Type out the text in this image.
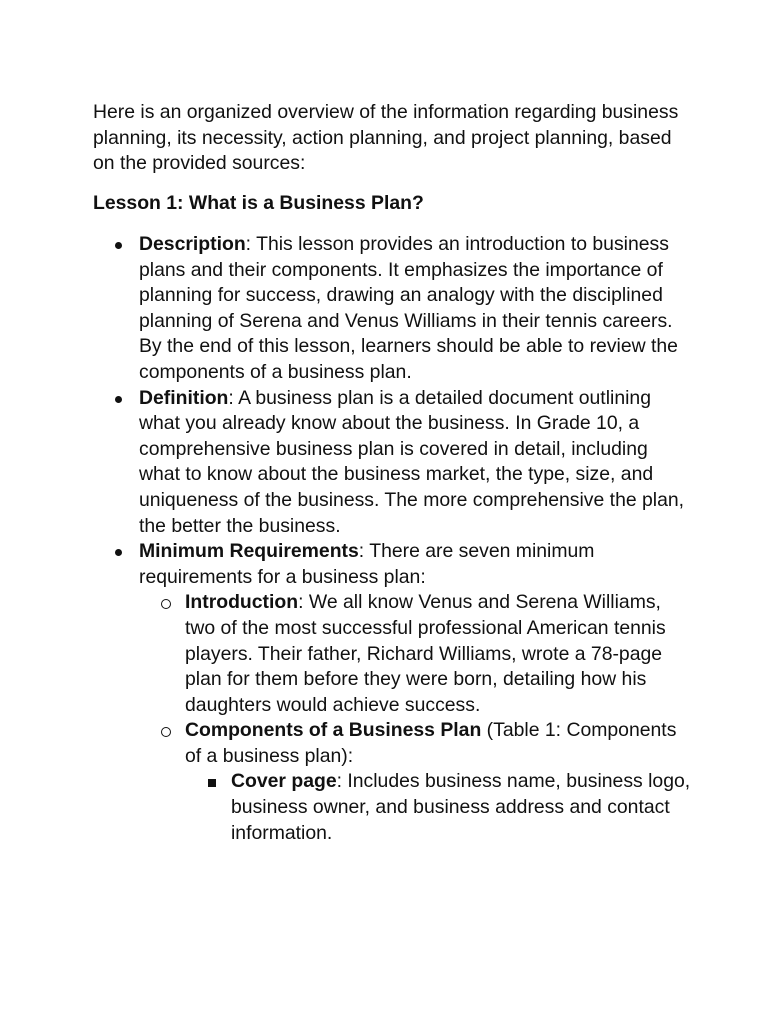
Here is an organized overview of the information regarding business planning, its necessity, action planning, and project planning, based on the provided sources:

Lesson 1: What is a Business Plan?

Description: This lesson provides an introduction to business plans and their components. It emphasizes the importance of planning for success, drawing an analogy with the disciplined planning of Serena and Venus Williams in their tennis careers. By the end of this lesson, learners should be able to review the components of a business plan.
Definition: A business plan is a detailed document outlining what you already know about the business. In Grade 10, a comprehensive business plan is covered in detail, including what to know about the business market, the type, size, and uniqueness of the business. The more comprehensive the plan, the better the business.
Minimum Requirements: There are seven minimum requirements for a business plan:
Introduction: We all know Venus and Serena Williams, two of the most successful professional American tennis players. Their father, Richard Williams, wrote a 78-page plan for them before they were born, detailing how his daughters would achieve success.
Components of a Business Plan (Table 1: Components of a business plan):
Cover page: Includes business name, business logo, business owner, and business address and contact information.
